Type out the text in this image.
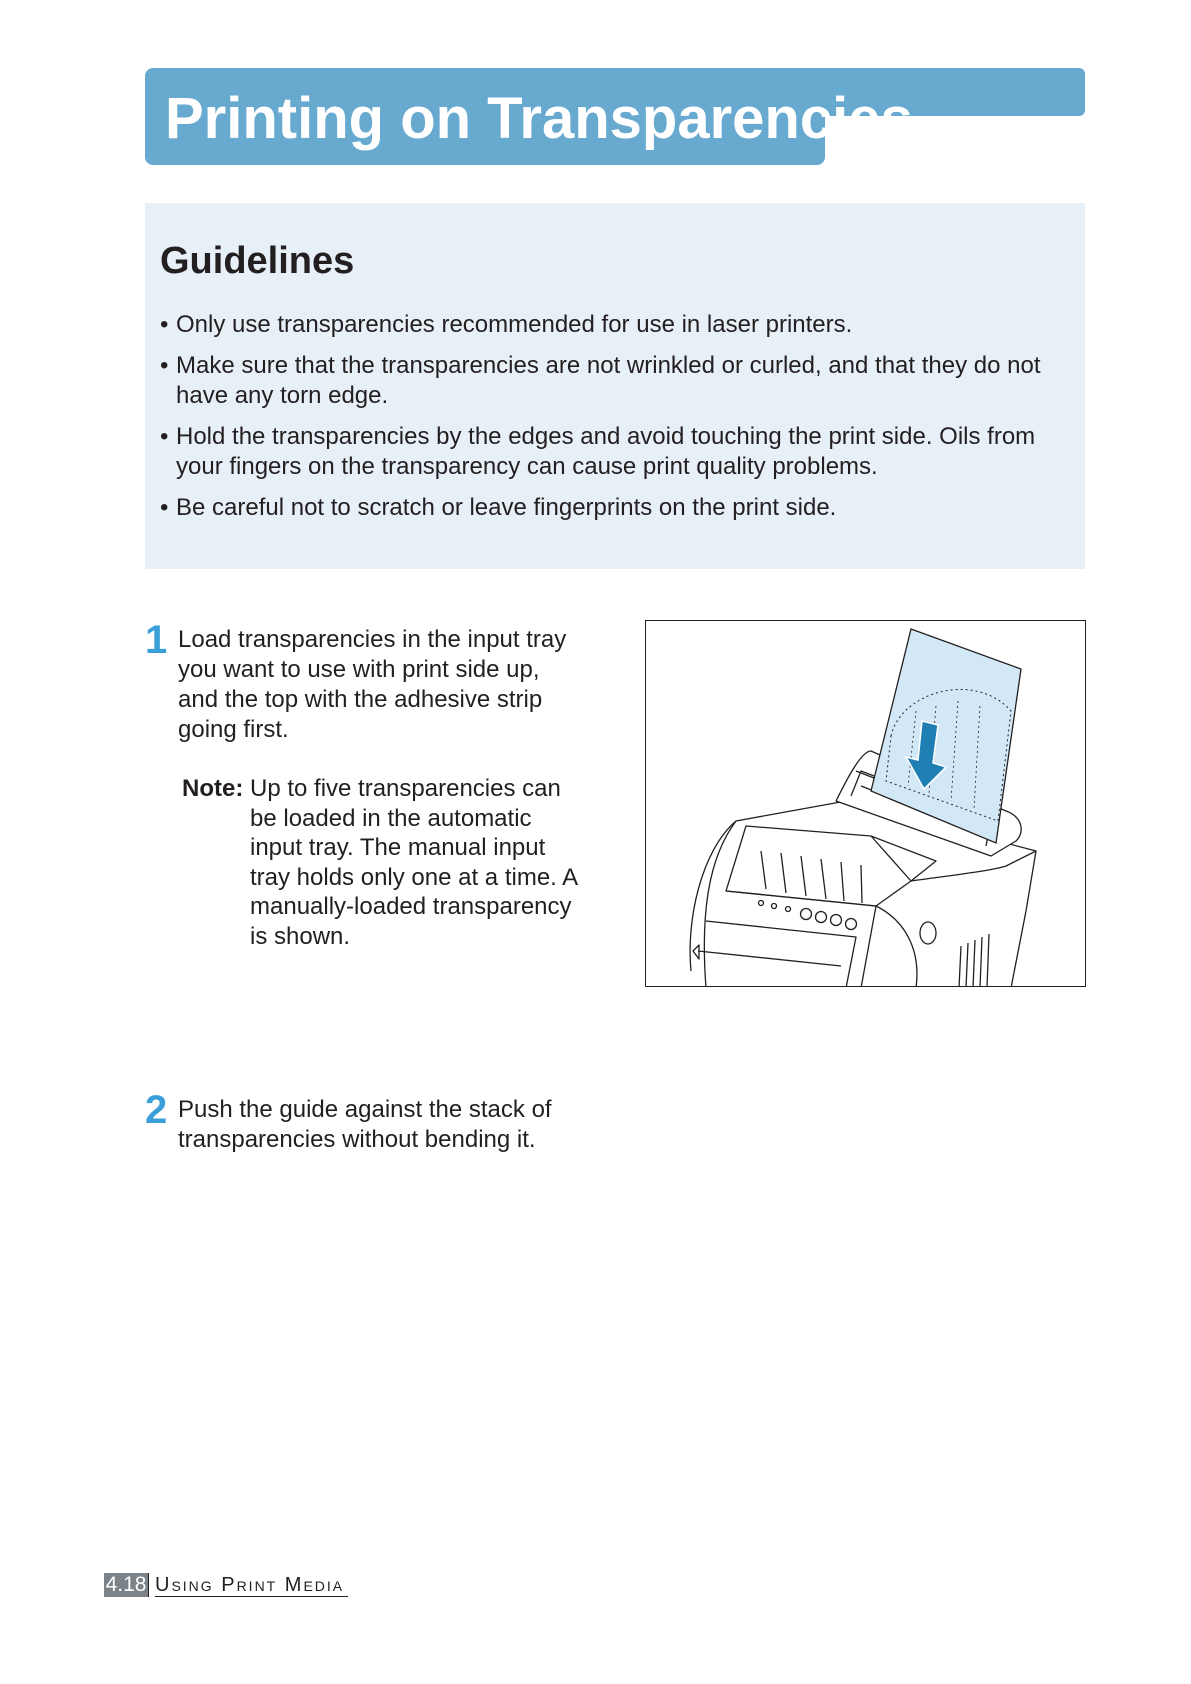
Printing on Transparencies
Guidelines
• Only use transparencies recommended for use in laser printers.
• Make sure that the transparencies are not wrinkled or curled, and that they do not have any torn edge.
• Hold the transparencies by the edges and avoid touching the print side. Oils from your fingers on the transparency can cause print quality problems.
• Be careful not to scratch or leave fingerprints on the print side.
1 Load transparencies in the input tray
you want to use with print side up,
and the top with the adhesive strip
going first.
Note: Up to five transparencies can
be loaded in the automatic
input tray. The manual input
tray holds only one at a time. A
manually-loaded transparency
is shown.
2 Push the guide against the stack of
transparencies without bending it.
4.18 Using Print Media
